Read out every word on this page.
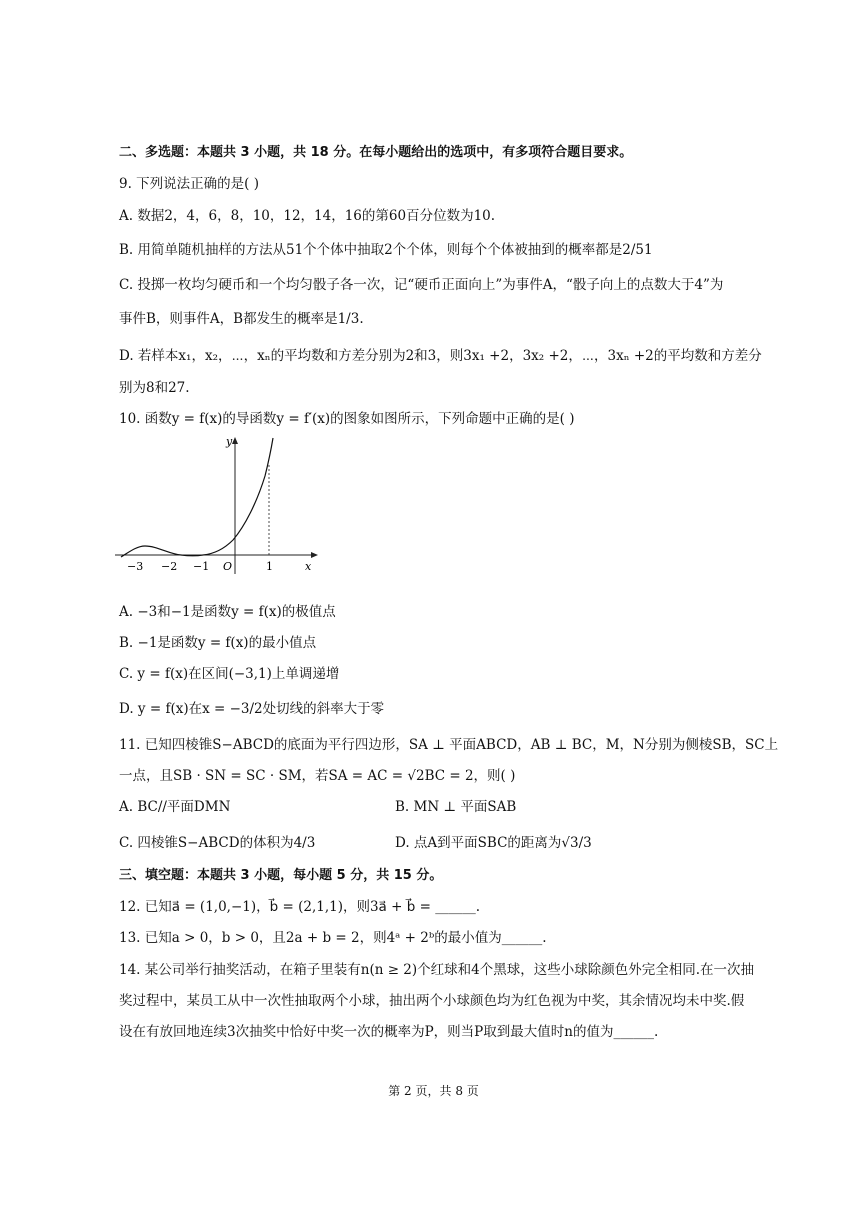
二、多选题：本题共 3 小题，共 18 分。在每小题给出的选项中，有多项符合题目要求。
9. 下列说法正确的是( )
A. 数据2，4，6，8，10，12，14，16的第60百分位数为10.
B. 用简单随机抽样的方法从51个个体中抽取2个个体，则每个个体被抽到的概率都是2/51
C. 投掷一枚均匀硬币和一个均匀骰子各一次，记“硬币正面向上”为事件A，“骰子向上的点数大于4”为
事件B，则事件A，B都发生的概率是1/3.
D. 若样本x₁，x₂，⋯，xₙ的平均数和方差分别为2和3，则3x₁ +2，3x₂ +2，⋯，3xₙ +2的平均数和方差分
别为8和27.
10. 函数y = f(x)的导函数y = f′(x)的图象如图所示，下列命题中正确的是( )
y
x
O
−3 −2 −1	1
A. −3和−1是函数y = f(x)的极值点
B. −1是函数y = f(x)的最小值点
C. y = f(x)在区间(−3,1)上单调递增
D. y = f(x)在x = −3/2处切线的斜率大于零
11. 已知四棱锥S−ABCD的底面为平行四边形，SA ⊥ 平面ABCD，AB ⊥ BC，M，N分别为侧棱SB，SC上
一点，且SB · SN = SC · SM，若SA = AC = √2BC = 2，则( )
A. BC//平面DMN	B. MN ⊥ 平面SAB
C. 四棱锥S−ABCD的体积为4/3	D. 点A到平面SBC的距离为√3/3
三、填空题：本题共 3 小题，每小题 5 分，共 15 分。
12. 已知a⃗ = (1,0,−1)，b⃗ = (2,1,1)，则3a⃗ + b⃗ = ______.
13. 已知a > 0，b > 0，且2a + b = 2，则4ᵃ + 2ᵇ的最小值为______.
14. 某公司举行抽奖活动，在箱子里装有n(n ≥ 2)个红球和4个黑球，这些小球除颜色外完全相同.在一次抽
奖过程中，某员工从中一次性抽取两个小球，抽出两个小球颜色均为红色视为中奖，其余情况均未中奖.假
设在有放回地连续3次抽奖中恰好中奖一次的概率为P，则当P取到最大值时n的值为______.
第 2 页，共 8 页
